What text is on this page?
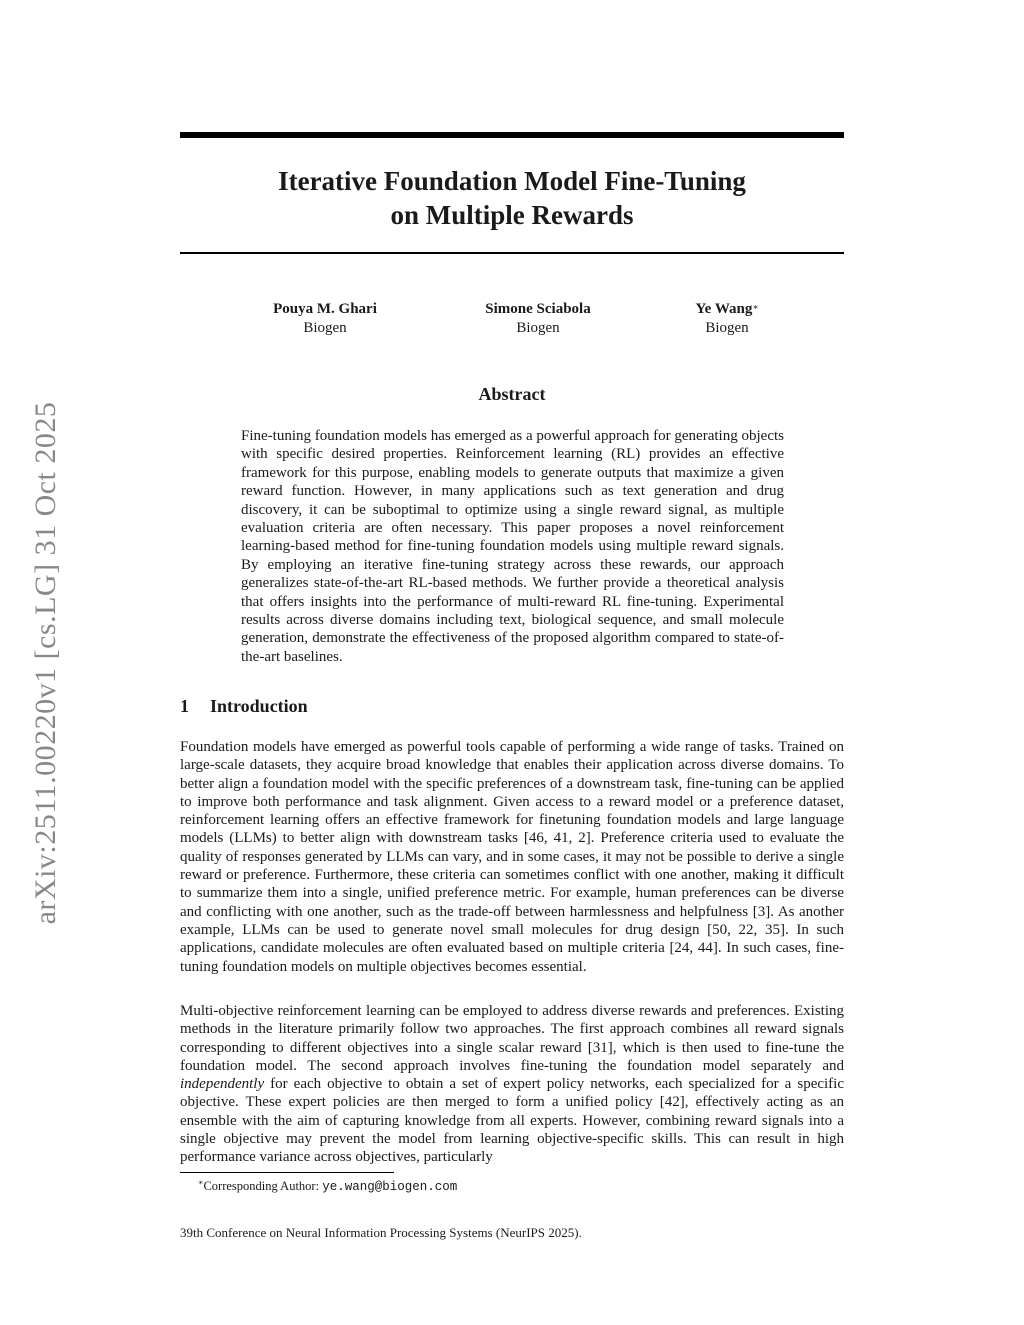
arXiv:2511.00220v1 [cs.LG] 31 Oct 2025
Iterative Foundation Model Fine-Tuning
on Multiple Rewards
Pouya M. Ghari
Biogen
Simone Sciabola
Biogen
Ye Wang∗
Biogen
Abstract

Fine-tuning foundation models has emerged as a powerful approach for generating objects with specific desired properties. Reinforcement learning (RL) provides an effective framework for this purpose, enabling models to generate outputs that maximize a given reward function. However, in many applications such as text generation and drug discovery, it can be suboptimal to optimize using a single reward signal, as multiple evaluation criteria are often necessary. This paper proposes a novel reinforcement learning-based method for fine-tuning foundation models using multiple reward signals. By employing an iterative fine-tuning strategy across these rewards, our approach generalizes state-of-the-art RL-based methods. We further provide a theoretical analysis that offers insights into the performance of multi-reward RL fine-tuning. Experimental results across diverse domains including text, biological sequence, and small molecule generation, demonstrate the effectiveness of the proposed algorithm compared to state-of-the-art baselines.

1 Introduction

Foundation models have emerged as powerful tools capable of performing a wide range of tasks. Trained on large-scale datasets, they acquire broad knowledge that enables their application across diverse domains. To better align a foundation model with the specific preferences of a downstream task, fine-tuning can be applied to improve both performance and task alignment. Given access to a reward model or a preference dataset, reinforcement learning offers an effective framework for finetuning foundation models and large language models (LLMs) to better align with downstream tasks [46, 41, 2]. Preference criteria used to evaluate the quality of responses generated by LLMs can vary, and in some cases, it may not be possible to derive a single reward or preference. Furthermore, these criteria can sometimes conflict with one another, making it difficult to summarize them into a single, unified preference metric. For example, human preferences can be diverse and conflicting with one another, such as the trade-off between harmlessness and helpfulness [3]. As another example, LLMs can be used to generate novel small molecules for drug design [50, 22, 35]. In such applications, candidate molecules are often evaluated based on multiple criteria [24, 44]. In such cases, fine-tuning foundation models on multiple objectives becomes essential.

Multi-objective reinforcement learning can be employed to address diverse rewards and preferences. Existing methods in the literature primarily follow two approaches. The first approach combines all reward signals corresponding to different objectives into a single scalar reward [31], which is then used to fine-tune the foundation model. The second approach involves fine-tuning the foundation model separately and independently for each objective to obtain a set of expert policy networks, each specialized for a specific objective. These expert policies are then merged to form a unified policy [42], effectively acting as an ensemble with the aim of capturing knowledge from all experts. However, combining reward signals into a single objective may prevent the model from learning objective-specific skills. This can result in high performance variance across objectives, particularly

∗Corresponding Author: ye.wang@biogen.com

39th Conference on Neural Information Processing Systems (NeurIPS 2025).
